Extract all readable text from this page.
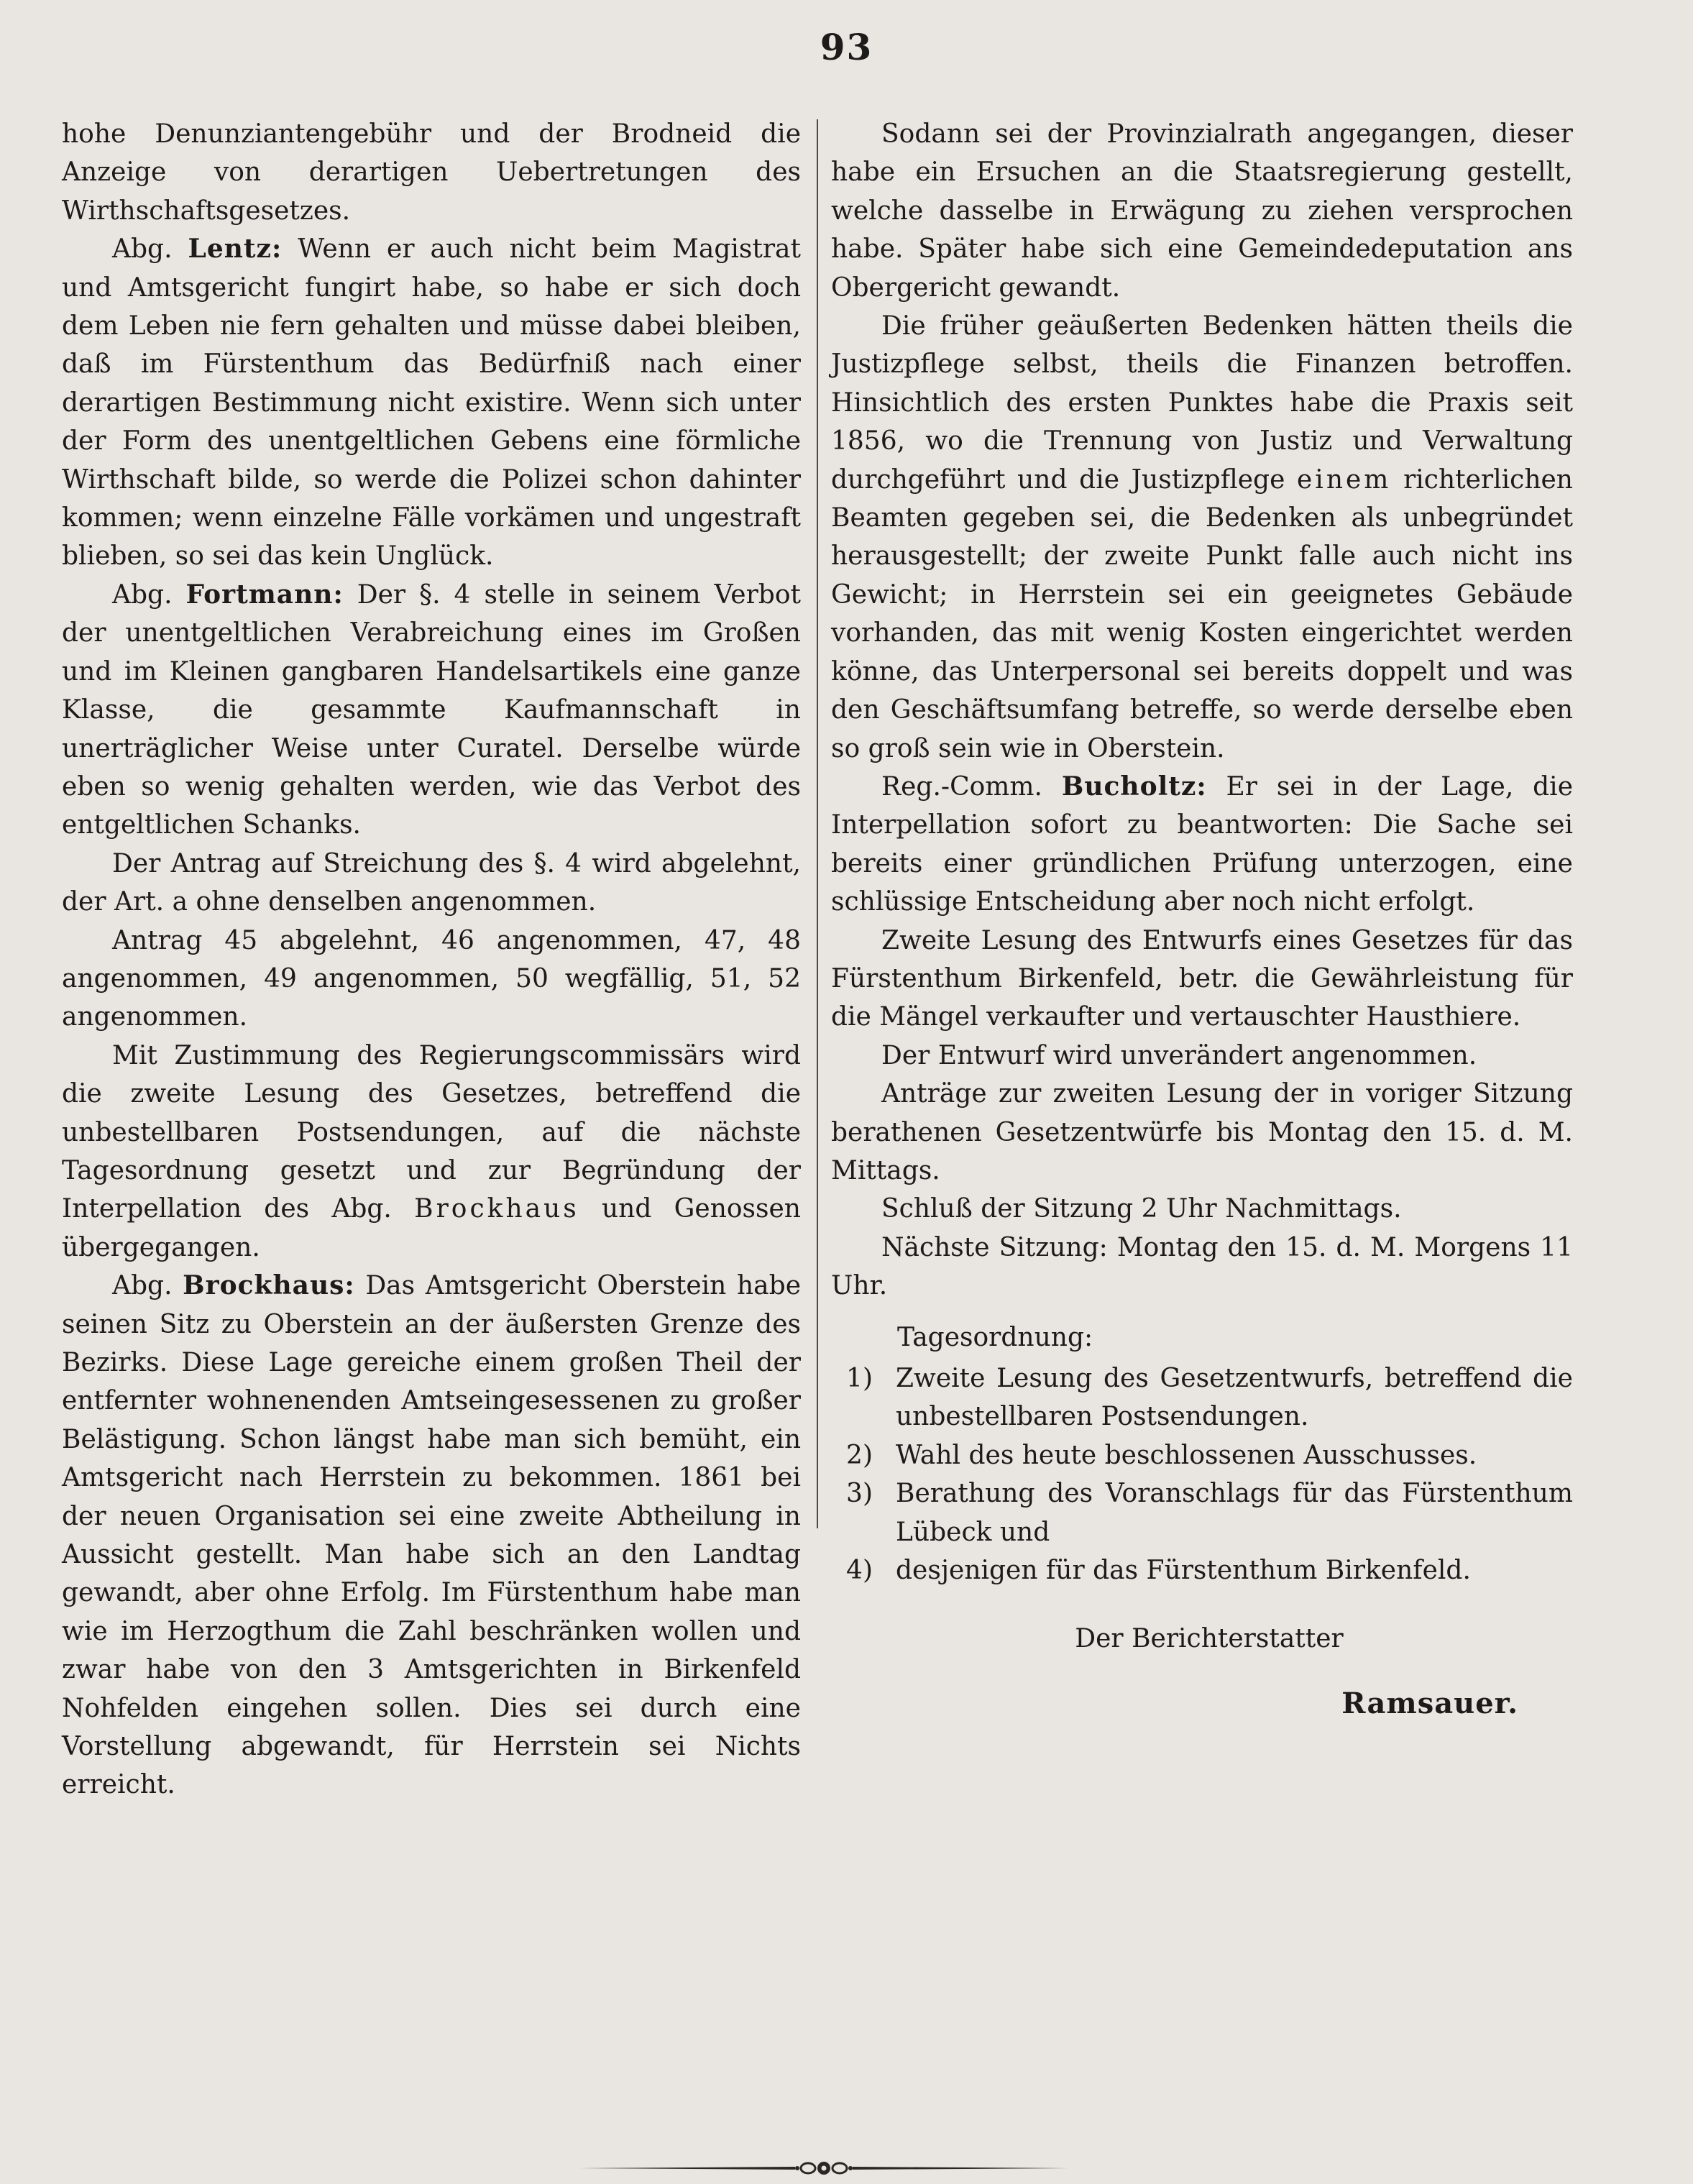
93

hohe Denunziantengebühr und der Brodneid die Anzeige von derartigen Uebertretungen des Wirthschaftsgesetzes.

Abg. Lentz: Wenn er auch nicht beim Magistrat und Amtsgericht fungirt habe, so habe er sich doch dem Leben nie fern gehalten und müsse dabei bleiben, daß im Fürstenthum das Bedürfniß nach einer derartigen Bestimmung nicht existire. Wenn sich unter der Form des unentgeltlichen Gebens eine förmliche Wirthschaft bilde, so werde die Polizei schon dahinter kommen; wenn einzelne Fälle vorkämen und ungestraft blieben, so sei das kein Unglück.

Abg. Fortmann: Der §. 4 stelle in seinem Verbot der unentgeltlichen Verabreichung eines im Großen und im Kleinen gangbaren Handelsartikels eine ganze Klasse, die gesammte Kaufmannschaft in unerträglicher Weise unter Curatel. Derselbe würde eben so wenig gehalten werden, wie das Verbot des entgeltlichen Schanks.

Der Antrag auf Streichung des §. 4 wird abgelehnt, der Art. a ohne denselben angenommen.

Antrag 45 abgelehnt, 46 angenommen, 47, 48 angenommen, 49 angenommen, 50 wegfällig, 51, 52 angenommen.

Mit Zustimmung des Regierungscommissärs wird die zweite Lesung des Gesetzes, betreffend die unbestellbaren Postsendungen, auf die nächste Tagesordnung gesetzt und zur Begründung der Interpellation des Abg. Brockhaus und Genossen übergegangen.

Abg. Brockhaus: Das Amtsgericht Oberstein habe seinen Sitz zu Oberstein an der äußersten Grenze des Bezirks. Diese Lage gereiche einem großen Theil der entfernter wohnenenden Amtseingesessenen zu großer Belästigung. Schon längst habe man sich bemüht, ein Amtsgericht nach Herrstein zu bekommen. 1861 bei der neuen Organisation sei eine zweite Abtheilung in Aussicht gestellt. Man habe sich an den Landtag gewandt, aber ohne Erfolg. Im Fürstenthum habe man wie im Herzogthum die Zahl beschränken wollen und zwar habe von den 3 Amtsgerichten in Birkenfeld Nohfelden eingehen sollen. Dies sei durch eine Vorstellung abgewandt, für Herrstein sei Nichts erreicht.

Sodann sei der Provinzialrath angegangen, dieser habe ein Ersuchen an die Staatsregierung gestellt, welche dasselbe in Erwägung zu ziehen versprochen habe. Später habe sich eine Gemeindedeputation ans Obergericht gewandt.

Die früher geäußerten Bedenken hätten theils die Justizpflege selbst, theils die Finanzen betroffen. Hinsichtlich des ersten Punktes habe die Praxis seit 1856, wo die Trennung von Justiz und Verwaltung durchgeführt und die Justizpflege einem richterlichen Beamten gegeben sei, die Bedenken als unbegründet herausgestellt; der zweite Punkt falle auch nicht ins Gewicht; in Herrstein sei ein geeignetes Gebäude vorhanden, das mit wenig Kosten eingerichtet werden könne, das Unterpersonal sei bereits doppelt und was den Geschäftsumfang betreffe, so werde derselbe eben so groß sein wie in Oberstein.

Reg.-Comm. Bucholtz: Er sei in der Lage, die Interpellation sofort zu beantworten: Die Sache sei bereits einer gründlichen Prüfung unterzogen, eine schlüssige Entscheidung aber noch nicht erfolgt.

Zweite Lesung des Entwurfs eines Gesetzes für das Fürstenthum Birkenfeld, betr. die Gewährleistung für die Mängel verkaufter und vertauschter Hausthiere.

Der Entwurf wird unverändert angenommen.

Anträge zur zweiten Lesung der in voriger Sitzung berathenen Gesetzentwürfe bis Montag den 15. d. M. Mittags.

Schluß der Sitzung 2 Uhr Nachmittags.

Nächste Sitzung: Montag den 15. d. M. Morgens 11 Uhr.

Tagesordnung:

1) Zweite Lesung des Gesetzentwurfs, betreffend die unbestellbaren Postsendungen.
2) Wahl des heute beschlossenen Ausschusses.
3) Berathung des Voranschlags für das Fürstenthum Lübeck und
4) desjenigen für das Fürstenthum Birkenfeld.

Der Berichterstatter

Ramsauer.
